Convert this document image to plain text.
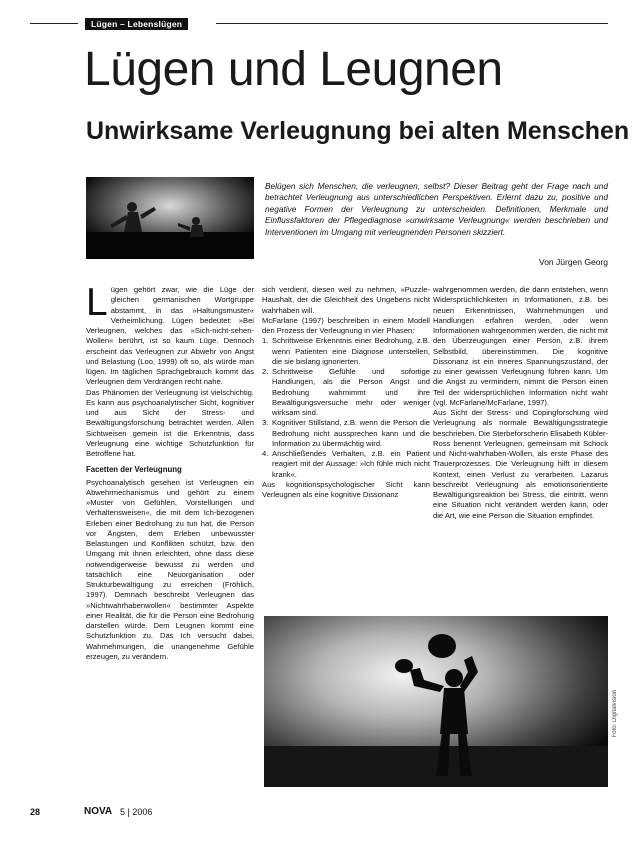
Lügen – Lebenslügen
Lügen und Leugnen
Unwirksame Verleugnung bei alten Menschen

Belügen sich Menschen, die verleugnen, selbst? Dieser Beitrag geht der Frage nach und betrachtet Verleugnung aus unterschiedlichen Perspektiven. Erlernt dazu zu, positive und negative Formen der Verleugnung zu unterscheiden. Definitionen, Merkmale und Einflussfaktoren der Pflegediagnose »unwirksame Verleugnung« werden beschrieben und Interventionen im Umgang mit verleugnenden Personen skizziert.

Von Jürgen Georg

Lügen gehört zwar, wie die Lüge der gleichen germanischen Wortgruppe abstammt, in das »Haltungsmuster« Verheimlichung. Lügen bedeutet: »Bei Verleugnen, welches das »Sich-nicht-sehen-Wollen« berührt, ist so kaum Lüge. Dennoch erscheint das Verleugnen zur Abwehr von Angst und Belastung (Loo, 1999) oft so, als würde man lügen. Im täglichen Sprachgebrauch kommt das Verleugnen dem Verdrängen recht nahe.

Das Phänomen der Verleugnung ist vielschichtig. Es kann aus psychoanalytischer Sicht, kognitiver und aus Sicht der Stress- und Bewältigungsforschung betrachtet werden. Allen Sichtweisen gemein ist die Erkenntnis, dass Verleugnung eine wichtige Schutzfunktion für Betroffene hat.

Facetten der Verleugnung

Psychoanalytisch gesehen ist Verleugnen ein Abwehrmechanismus und gehört zu einem »Muster von Gefühlen, Vorstellungen und Verhaltensweisen«, die mit dem Ich-bezogenen Erleben einer Bedrohung zu tun hat, die Person vor Ängsten, dem Erleben unbewusster Belastungen und Konflikten schützt, bzw. den Umgang mit ihnen erleichtert, ohne dass diese notwendigerweise bewusst zu werden und tatsächlich eine Neuorganisation oder Strukturbewältigung zu erreichen (Fröhlich, 1997). Demnach beschreibt Verleugnen das »Nichtwahrhabenwollen« bestimmter Aspekte einer Realität, die für die Person eine Bedrohung darstellen würde. Dem Leugnen kommt eine Schutzfunktion zu. Das Ich versucht dabei, Wahrnehmungen, die unangenehme Gefühle erzeugen, zu verändern.

sich verdient, diesen weil zu nehmen, »Puzzle-Haushalt, der die Gleichheit des Ungebens nicht wahrhaben will.

McFarlane (1997) beschreiben in einem Modell den Prozess der Verleugnung in vier Phasen:

1. Schrittweise Erkenntnis einer Bedrohung, z.B. wenn Patienten eine Diagnose unterstellen, die sie bislang ignorierten.
2. Schrittweise Gefühle und sofortige Handlungen, als die Person Angst und Bedrohung wahrnimmt und ihre Bewältigungsversuche mehr oder weniger wirksam sind.
3. Kognitiver Stillstand, z.B. wenn die Person die Bedrohung nicht aussprechen kann und die Information zu übermächtig wird.
4. Anschließendes Verhalten, z.B. ein Patient reagiert mit der Aussage: »Ich fühle mich nicht krank«.

Aus kognitionspsychologischer Sicht kann Verleugnen als eine kognitive Dissonanz

wahrgenommen werden, die dann entstehen, wenn Widersprüchlichkeiten in Informationen, z.B. bei neuen Erkenntnissen, Wahrnehmungen und Handlungen erfahren werden, oder wenn Informationen wahrgenommen werden, die nicht mit den Überzeugungen einer Person, z.B. ihrem Selbstbild, übereinstimmen. Die kognitive Dissonanz ist ein inneres Spannungszustand, der zu einer gewissen Verleugnung führen kann. Um die Angst zu vermindern, nimmt die Person einen Teil der widersprüchlichen Information nicht wahr (vgl. McFarlane/McFarlane, 1997).

Aus Sicht der Stress- und Copingforschung wird Verleugnung als normale Bewältigungsstrategie beschrieben. Die Sterbeforscherin Elisabeth Kübler-Ross benennt Verleugnen, gemeinsam mit Schock und Nicht-wahrhaben-Wollen, als erste Phase des Trauerprozesses. Die Verleugnung hilft in diesem Kontext, einen Verlust zu verarbeiten. Lazarus beschreibt Verleugnung als emotionsorientierte Bewältigungsreaktion bei Stress, die eintritt, wenn eine Situation nicht verändert werden kann, oder die Art, wie eine Person die Situation empfindet.

Foto: Digitalvision
28	NOVA 5 | 2006
